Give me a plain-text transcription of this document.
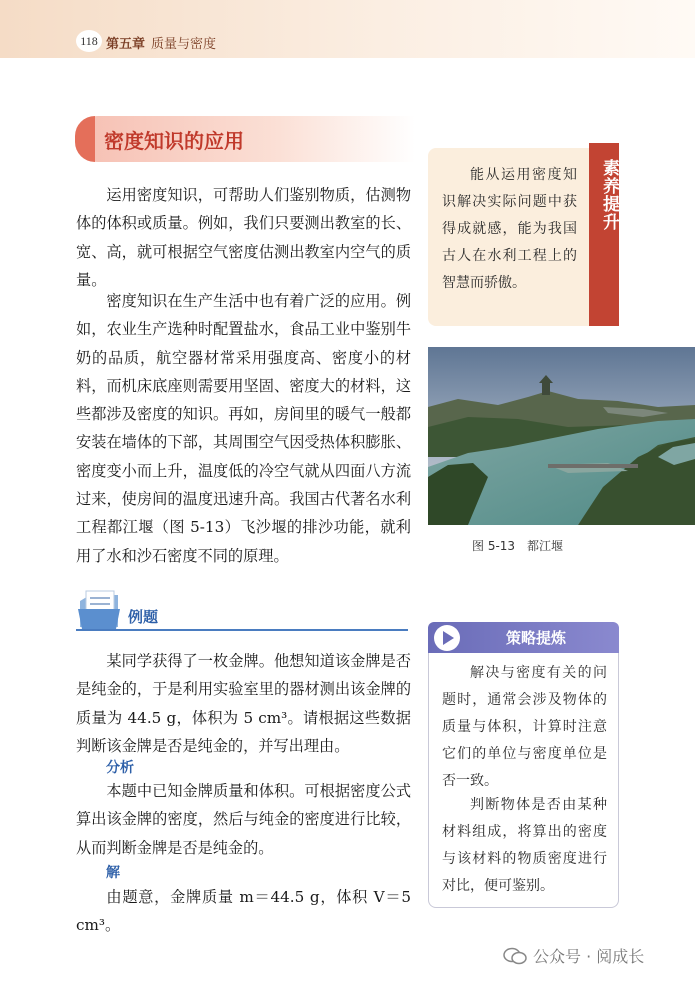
118 第五章 质量与密度
密度知识的应用

运用密度知识，可帮助人们鉴别物质，估测物体的体积或质量。例如，我们只要测出教室的长、宽、高，就可根据空气密度估测出教室内空气的质量。

密度知识在生产生活中也有着广泛的应用。例如，农业生产选种时配置盐水，食品工业中鉴别牛奶的品质，航空器材常采用强度高、密度小的材料，而机床底座则需要用坚固、密度大的材料，这些都涉及密度的知识。再如，房间里的暖气一般都安装在墙体的下部，其周围空气因受热体积膨胀、密度变小而上升，温度低的冷空气就从四面八方流过来，使房间的温度迅速升高。我国古代著名水利工程都江堰（图 5-13）飞沙堰的排沙功能，就利用了水和沙石密度不同的原理。

能从运用密度知识解决实际问题中获得成就感，能为我国古人在水利工程上的智慧而骄傲。

素养提升
图 5-13　都江堰
例题

某同学获得了一枚金牌。他想知道该金牌是否是纯金的，于是利用实验室里的器材测出该金牌的质量为 44.5 g，体积为 5 cm³。请根据这些数据判断该金牌是否是纯金的，并写出理由。

分析

本题中已知金牌质量和体积。可根据密度公式算出该金牌的密度，然后与纯金的密度进行比较，从而判断金牌是否是纯金的。

解

由题意，金牌质量 m＝44.5 g，体积 V＝5 cm³。

策略提炼

解决与密度有关的问题时，通常会涉及物体的质量与体积，计算时注意它们的单位与密度单位是否一致。

判断物体是否由某种材料组成，将算出的密度与该材料的物质密度进行对比，便可鉴别。

公众号 · 阅成长
